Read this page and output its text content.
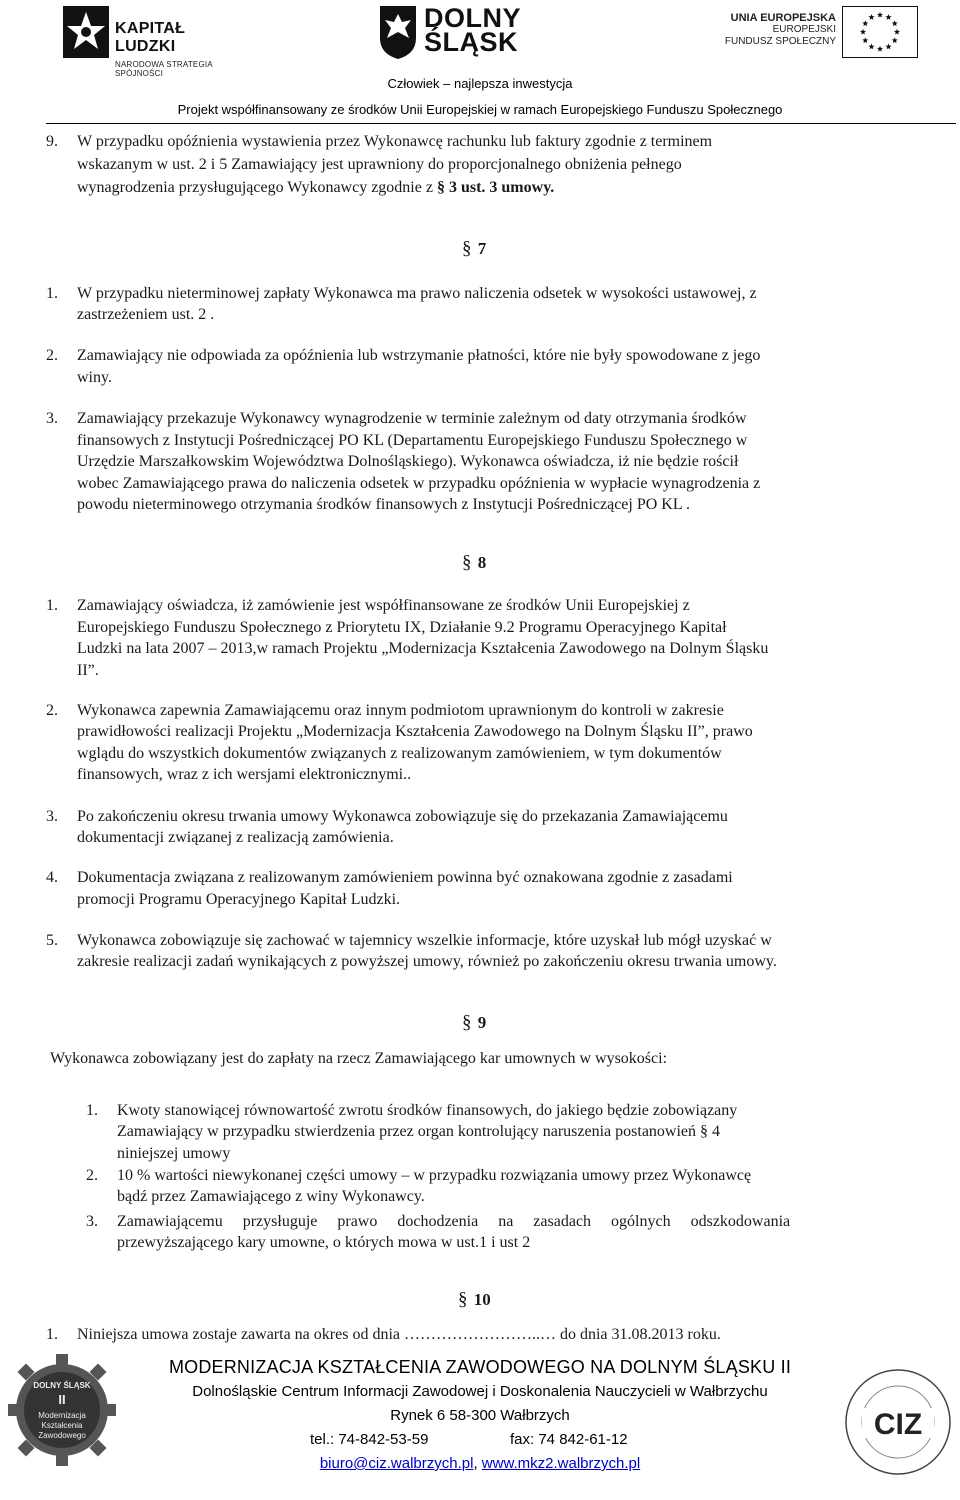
KAPITAŁ LUDZKI
NARODOWA STRATEGIA SPÓJNOŚCI
DOLNY
ŚLĄSK
UNIA EUROPEJSKA
EUROPEJSKI
FUNDUSZ SPOŁECZNY
Człowiek – najlepsza inwestycja
Projekt współfinansowany ze środków Unii Europejskiej w ramach Europejskiego Funduszu Społecznego
9. W przypadku opóźnienia wystawienia przez Wykonawcę rachunku lub faktury zgodnie z terminem
wskazanym w ust. 2 i 5 Zamawiający jest uprawniony do proporcjonalnego obniżenia pełnego
wynagrodzenia przysługującego Wykonawcy zgodnie z § 3 ust. 3 umowy.
§ 7
1. W przypadku nieterminowej zapłaty Wykonawca ma prawo naliczenia odsetek w wysokości ustawowej, z
zastrzeżeniem ust. 2 .
2. Zamawiający nie odpowiada za opóźnienia lub wstrzymanie płatności, które nie były spowodowane z jego
winy.
3. Zamawiający przekazuje Wykonawcy wynagrodzenie w terminie zależnym od daty otrzymania środków
finansowych z Instytucji Pośredniczącej PO KL (Departamentu Europejskiego Funduszu Społecznego w
Urzędzie Marszałkowskim Województwa Dolnośląskiego). Wykonawca oświadcza, iż nie będzie rościł
wobec Zamawiającego prawa do naliczenia odsetek w przypadku opóźnienia w wypłacie wynagrodzenia z
powodu nieterminowego otrzymania środków finansowych z Instytucji Pośredniczącej PO KL .
§ 8
1. Zamawiający oświadcza, iż zamówienie jest współfinansowane ze środków Unii Europejskiej z
Europejskiego Funduszu Społecznego z Priorytetu IX, Działanie 9.2 Programu Operacyjnego Kapitał
Ludzki na lata 2007 – 2013,w ramach Projektu „Modernizacja Kształcenia Zawodowego na Dolnym Śląsku
II”.
2. Wykonawca zapewnia Zamawiającemu oraz innym podmiotom uprawnionym do kontroli w zakresie
prawidłowości realizacji Projektu „Modernizacja Kształcenia Zawodowego na Dolnym Śląsku II”, prawo
wglądu do wszystkich dokumentów związanych z realizowanym zamówieniem, w tym dokumentów
finansowych, wraz z ich wersjami elektronicznymi..
3. Po zakończeniu okresu trwania umowy Wykonawca zobowiązuje się do przekazania Zamawiającemu
dokumentacji związanej z realizacją zamówienia.
4. Dokumentacja związana z realizowanym zamówieniem powinna być oznakowana zgodnie z zasadami
promocji Programu Operacyjnego Kapitał Ludzki.
5. Wykonawca zobowiązuje się zachować w tajemnicy wszelkie informacje, które uzyskał lub mógł uzyskać w
zakresie realizacji zadań wynikających z powyższej umowy, również po zakończeniu okresu trwania umowy.
§ 9
Wykonawca zobowiązany jest do zapłaty na rzecz Zamawiającego kar umownych w wysokości:
1. Kwoty stanowiącej równowartość zwrotu środków finansowych, do jakiego będzie zobowiązany
Zamawiający w przypadku stwierdzenia przez organ kontrolujący naruszenia postanowień § 4
niniejszej umowy
2. 10 % wartości niewykonanej części umowy – w przypadku rozwiązania umowy przez Wykonawcę
bądź przez Zamawiającego z winy Wykonawcy.
3. Zamawiającemu przysługuje prawo dochodzenia na zasadach ogólnych odszkodowania
przewyższającego kary umowne, o których mowa w ust.1 i ust 2
§ 10
1. Niniejsza umowa zostaje zawarta na okres od dnia ……………………..… do dnia 31.08.2013 roku.
DOLNY ŚLĄSK
II
Modernizacja
Kształcenia
Zawodowego
MODERNIZACJA KSZTAŁCENIA ZAWODOWEGO NA DOLNYM ŚLĄSKU II
Dolnośląskie Centrum Informacji Zawodowej i Doskonalenia Nauczycieli w Wałbrzychu
Rynek 6 58-300 Wałbrzych
tel.: 74-842-53-59	fax: 74 842-61-12
biuro@ciz.walbrzych.pl, www.mkz2.walbrzych.pl
CIZ
